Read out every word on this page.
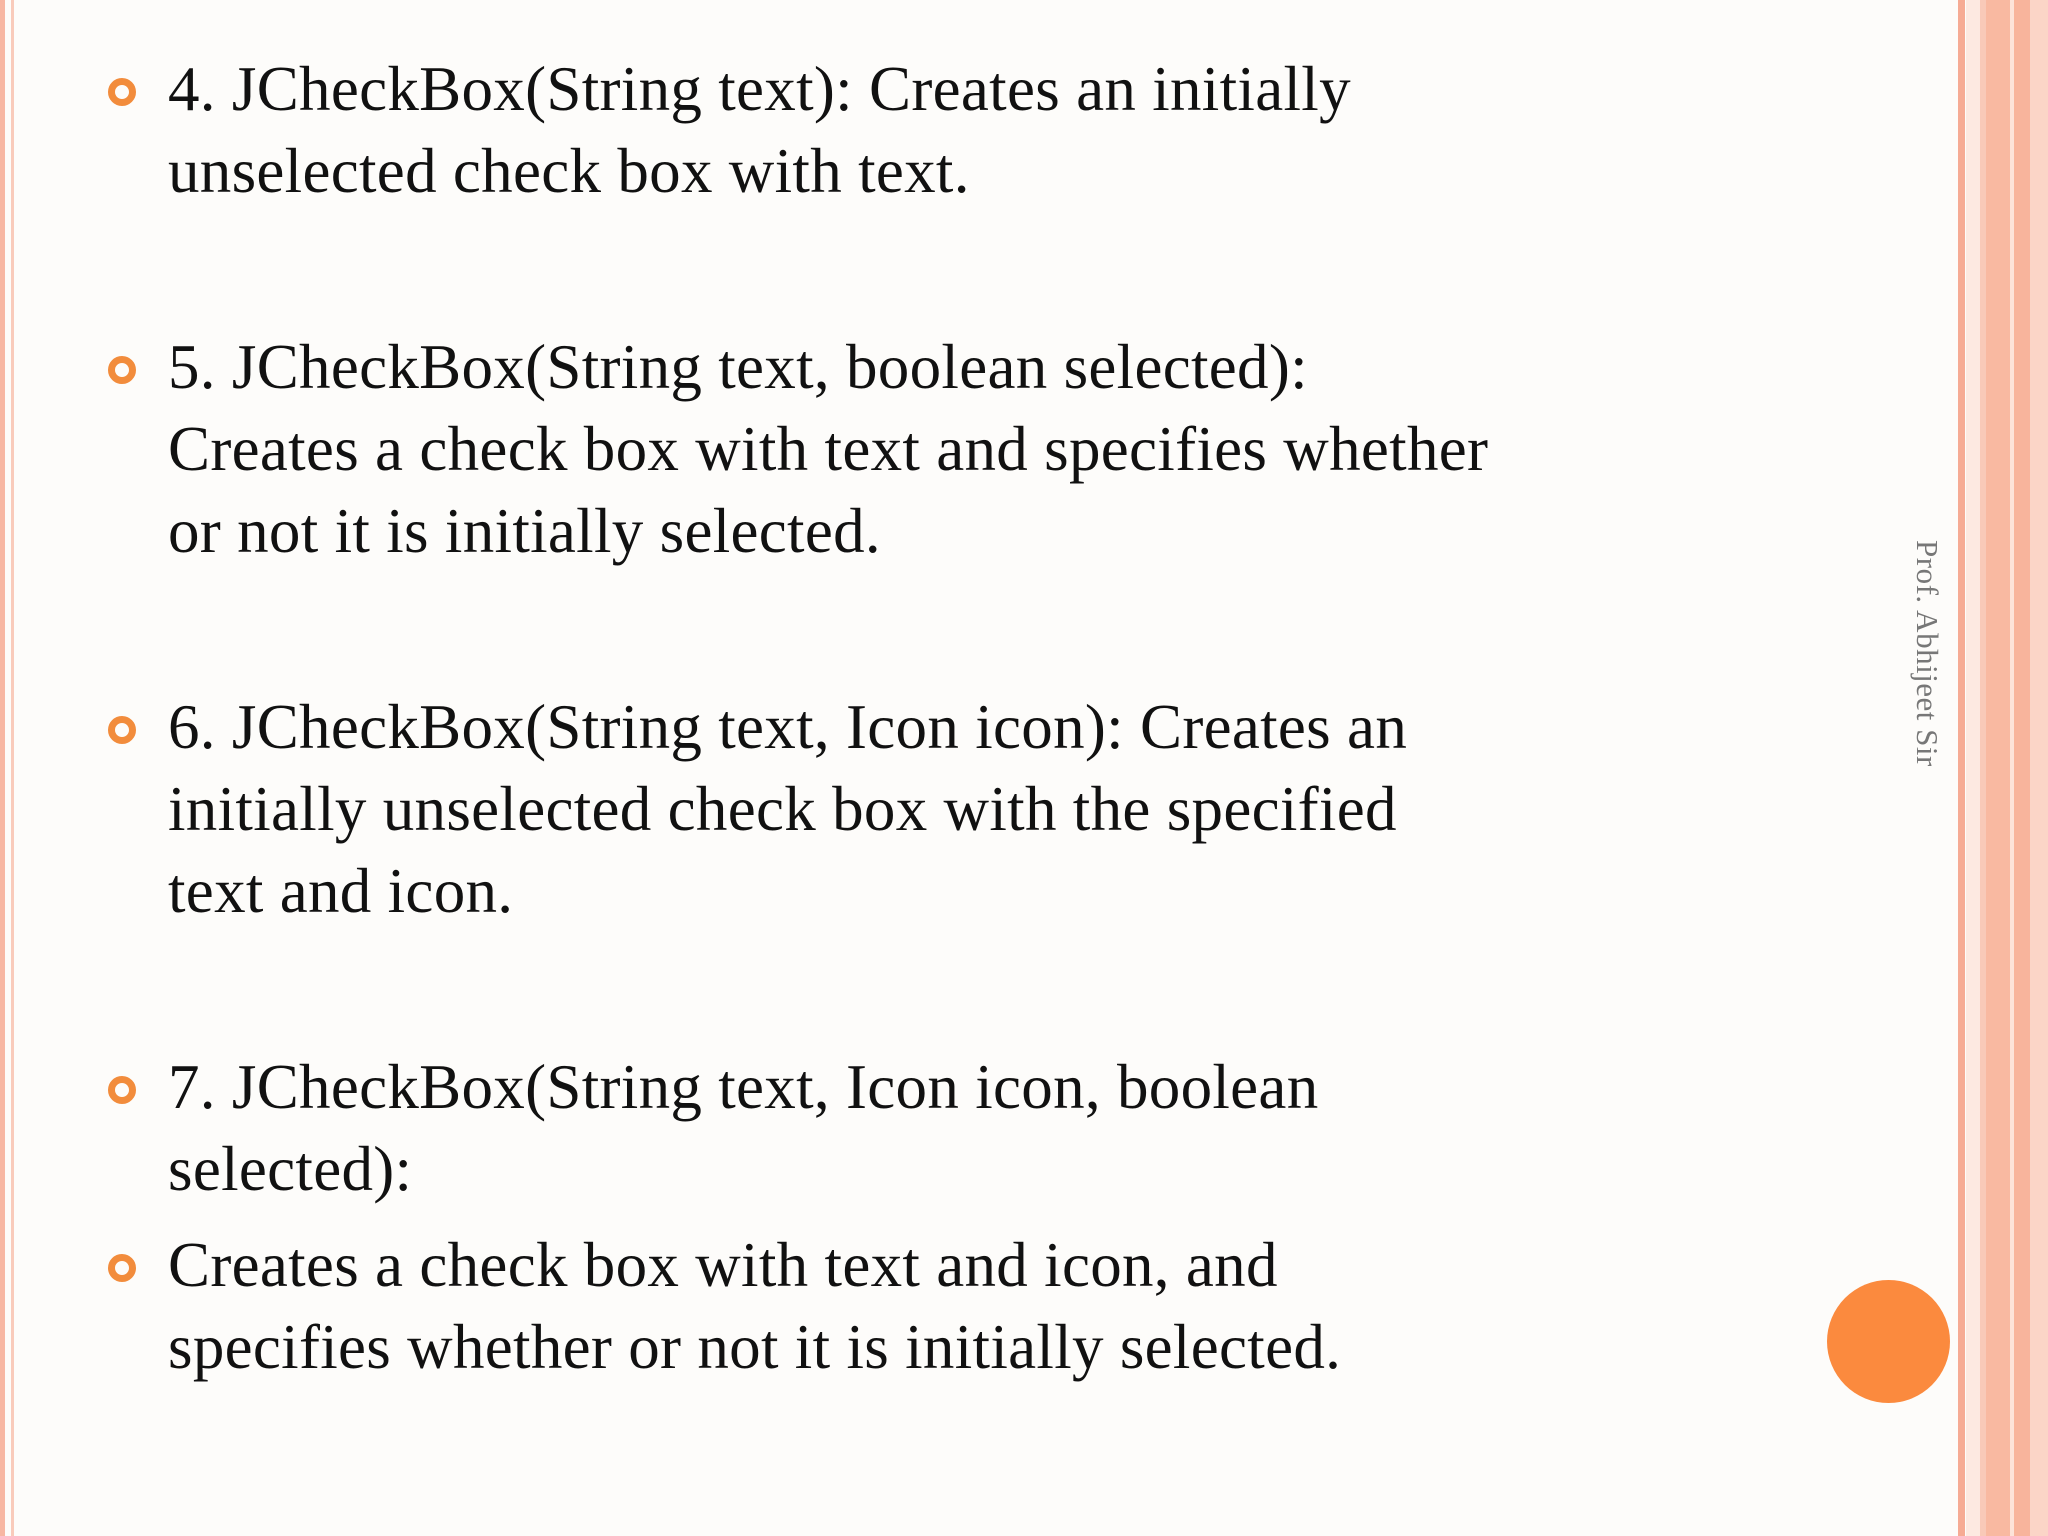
4. JCheckBox(String text): Creates an initially

unselected check box with text.

5. JCheckBox(String text, boolean selected):

Creates a check box with text and specifies whether

or not it is initially selected.

6. JCheckBox(String text, Icon icon): Creates an

initially unselected check box with the specified

text and icon.

7. JCheckBox(String text, Icon icon, boolean

selected):

Creates a check box with text and icon, and

specifies whether or not it is initially selected.

Prof. Abhijeet Sir
